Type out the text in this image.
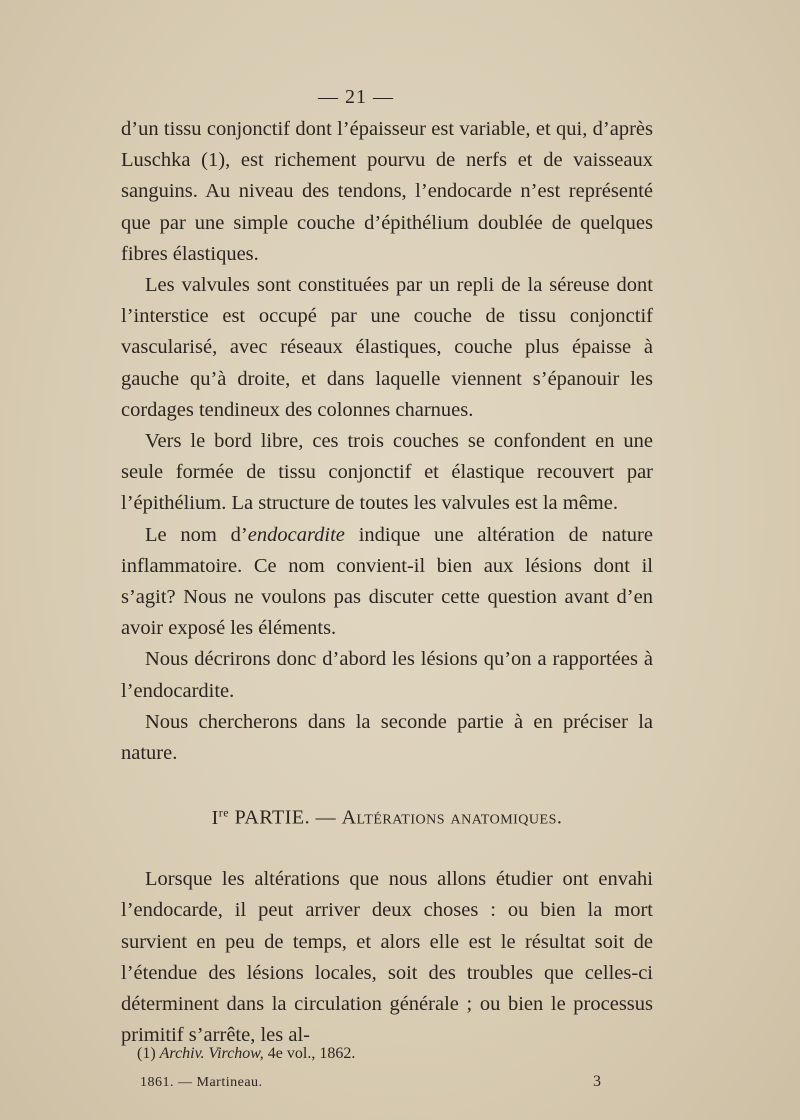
— 21 —

d’un tissu conjonctif dont l’épaisseur est variable, et qui, d’après Luschka (1), est richement pourvu de nerfs et de vaisseaux sanguins. Au niveau des tendons, l’endocarde n’est représenté que par une simple couche d’épithélium doublée de quelques fibres élastiques.

Les valvules sont constituées par un repli de la séreuse dont l’interstice est occupé par une couche de tissu conjonctif vascularisé, avec réseaux élastiques, couche plus épaisse à gauche qu’à droite, et dans laquelle viennent s’épanouir les cordages tendineux des colonnes charnues.

Vers le bord libre, ces trois couches se confondent en une seule formée de tissu conjonctif et élastique recouvert par l’épithélium. La structure de toutes les valvules est la même.

Le nom d’endocardite indique une altération de nature inflammatoire. Ce nom convient-il bien aux lésions dont il s’agit? Nous ne voulons pas discuter cette question avant d’en avoir exposé les éléments.

Nous décrirons donc d’abord les lésions qu’on a rapportées à l’endocardite.

Nous chercherons dans la seconde partie à en préciser la nature.

Ire PARTIE. — Altérations anatomiques.

Lorsque les altérations que nous allons étudier ont envahi l’endocarde, il peut arriver deux choses : ou bien la mort survient en peu de temps, et alors elle est le résultat soit de l’étendue des lésions locales, soit des troubles que celles-ci déterminent dans la circulation générale ; ou bien le processus primitif s’arrête, les al-

(1) Archiv. Virchow, 4e vol., 1862.
1861. — Martineau.	3
